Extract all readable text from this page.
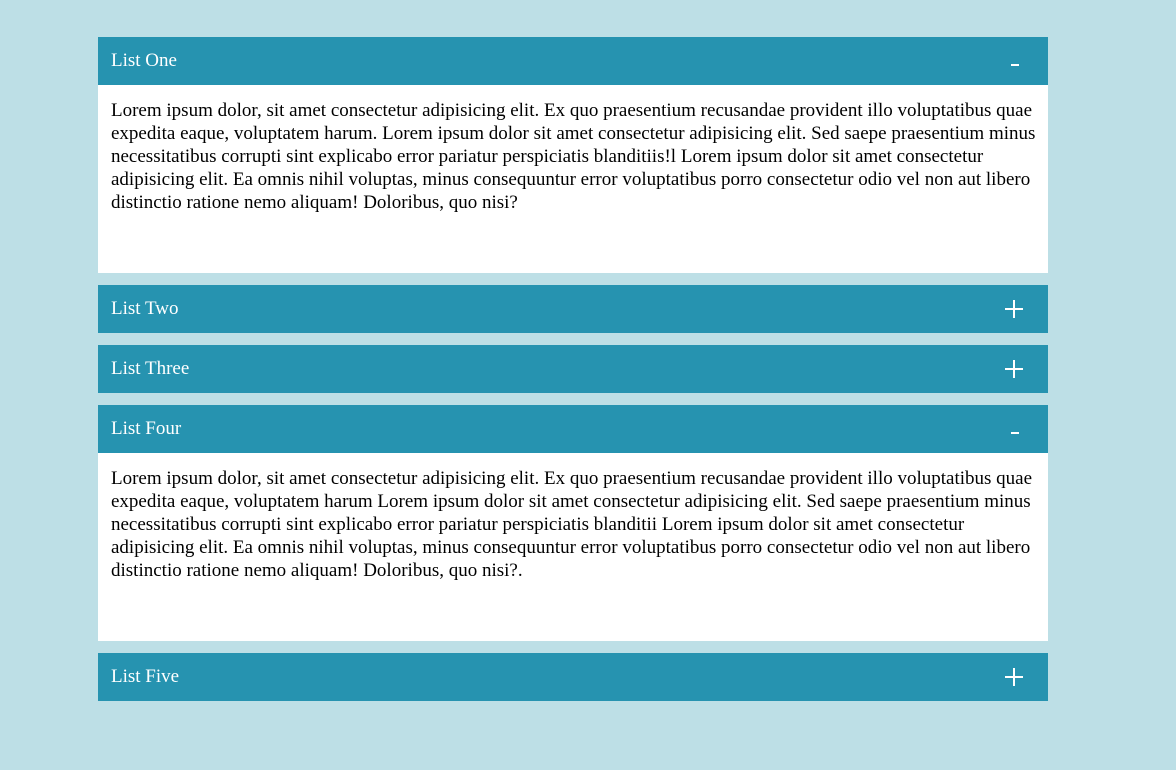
List One
Lorem ipsum dolor, sit amet consectetur adipisicing elit. Ex quo praesentium recusandae provident illo voluptatibus quae expedita eaque, voluptatem harum. Lorem ipsum dolor sit amet consectetur adipisicing elit. Sed saepe praesentium minus necessitatibus corrupti sint explicabo error pariatur perspiciatis blanditiis!l Lorem ipsum dolor sit amet consectetur adipisicing elit. Ea omnis nihil voluptas, minus consequuntur error voluptatibus porro consectetur odio vel non aut libero distinctio ratione nemo aliquam! Doloribus, quo nisi?
List Two
List Three
List Four
Lorem ipsum dolor, sit amet consectetur adipisicing elit. Ex quo praesentium recusandae provident illo voluptatibus quae expedita eaque, voluptatem harum Lorem ipsum dolor sit amet consectetur adipisicing elit. Sed saepe praesentium minus necessitatibus corrupti sint explicabo error pariatur perspiciatis blanditii Lorem ipsum dolor sit amet consectetur adipisicing elit. Ea omnis nihil voluptas, minus consequuntur error voluptatibus porro consectetur odio vel non aut libero distinctio ratione nemo aliquam! Doloribus, quo nisi?.
List Five
